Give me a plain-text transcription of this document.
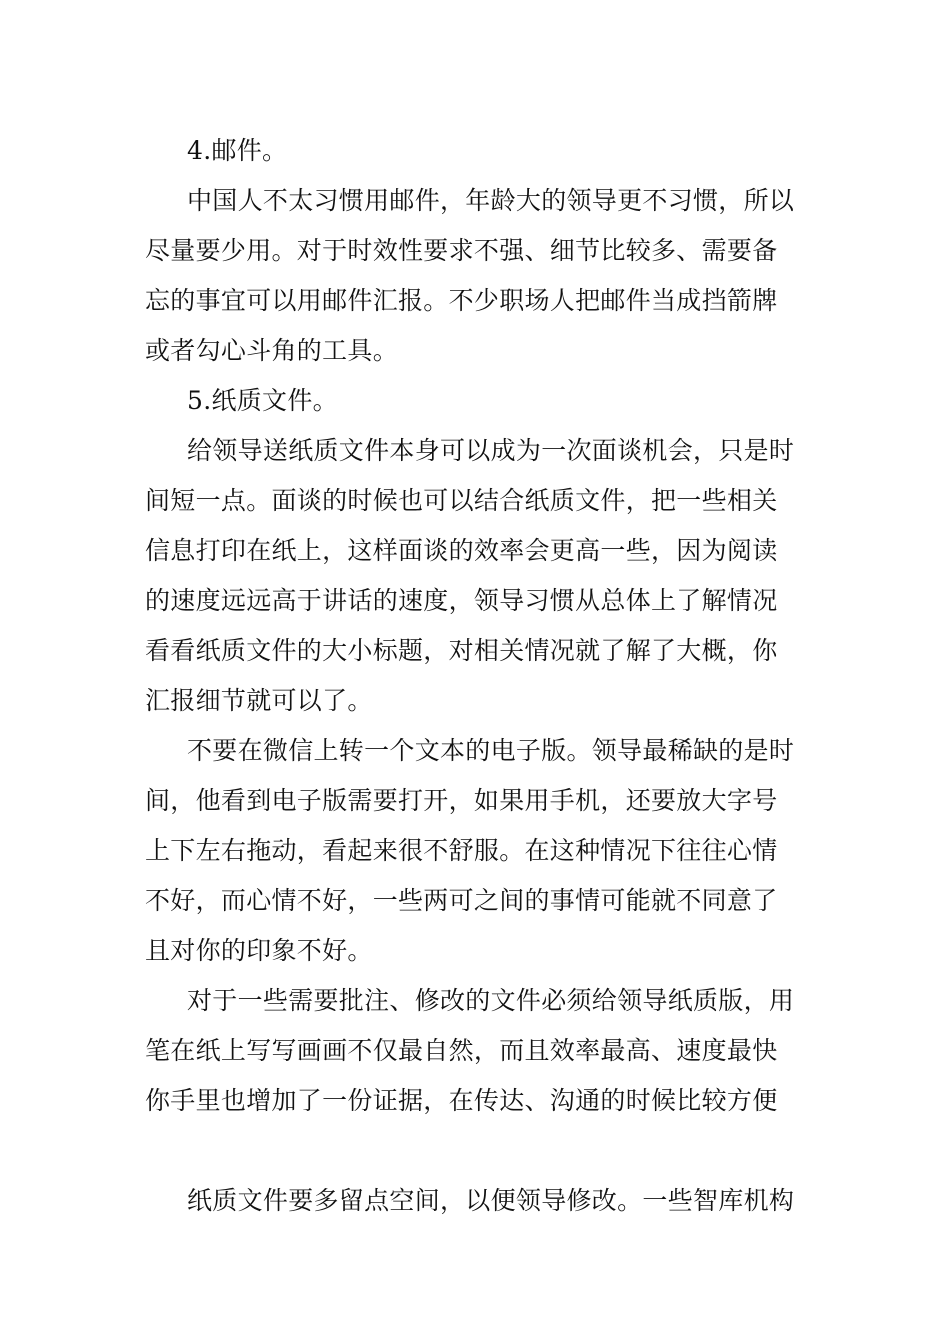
4.邮件。
中国人不太习惯用邮件，年龄大的领导更不习惯，所以
尽量要少用。对于时效性要求不强、细节比较多、需要备
忘的事宜可以用邮件汇报。不少职场人把邮件当成挡箭牌
或者勾心斗角的工具。
5.纸质文件。
给领导送纸质文件本身可以成为一次面谈机会，只是时
间短一点。面谈的时候也可以结合纸质文件，把一些相关
信息打印在纸上，这样面谈的效率会更高一些，因为阅读
的速度远远高于讲话的速度，领导习惯从总体上了解情况
看看纸质文件的大小标题，对相关情况就了解了大概，你
汇报细节就可以了。
不要在微信上转一个文本的电子版。领导最稀缺的是时
间，他看到电子版需要打开，如果用手机，还要放大字号
上下左右拖动，看起来很不舒服。在这种情况下往往心情
不好，而心情不好，一些两可之间的事情可能就不同意了
且对你的印象不好。
对于一些需要批注、修改的文件必须给领导纸质版，用
笔在纸上写写画画不仅最自然，而且效率最高、速度最快
你手里也增加了一份证据，在传达、沟通的时候比较方便
纸质文件要多留点空间，以便领导修改。一些智库机构
